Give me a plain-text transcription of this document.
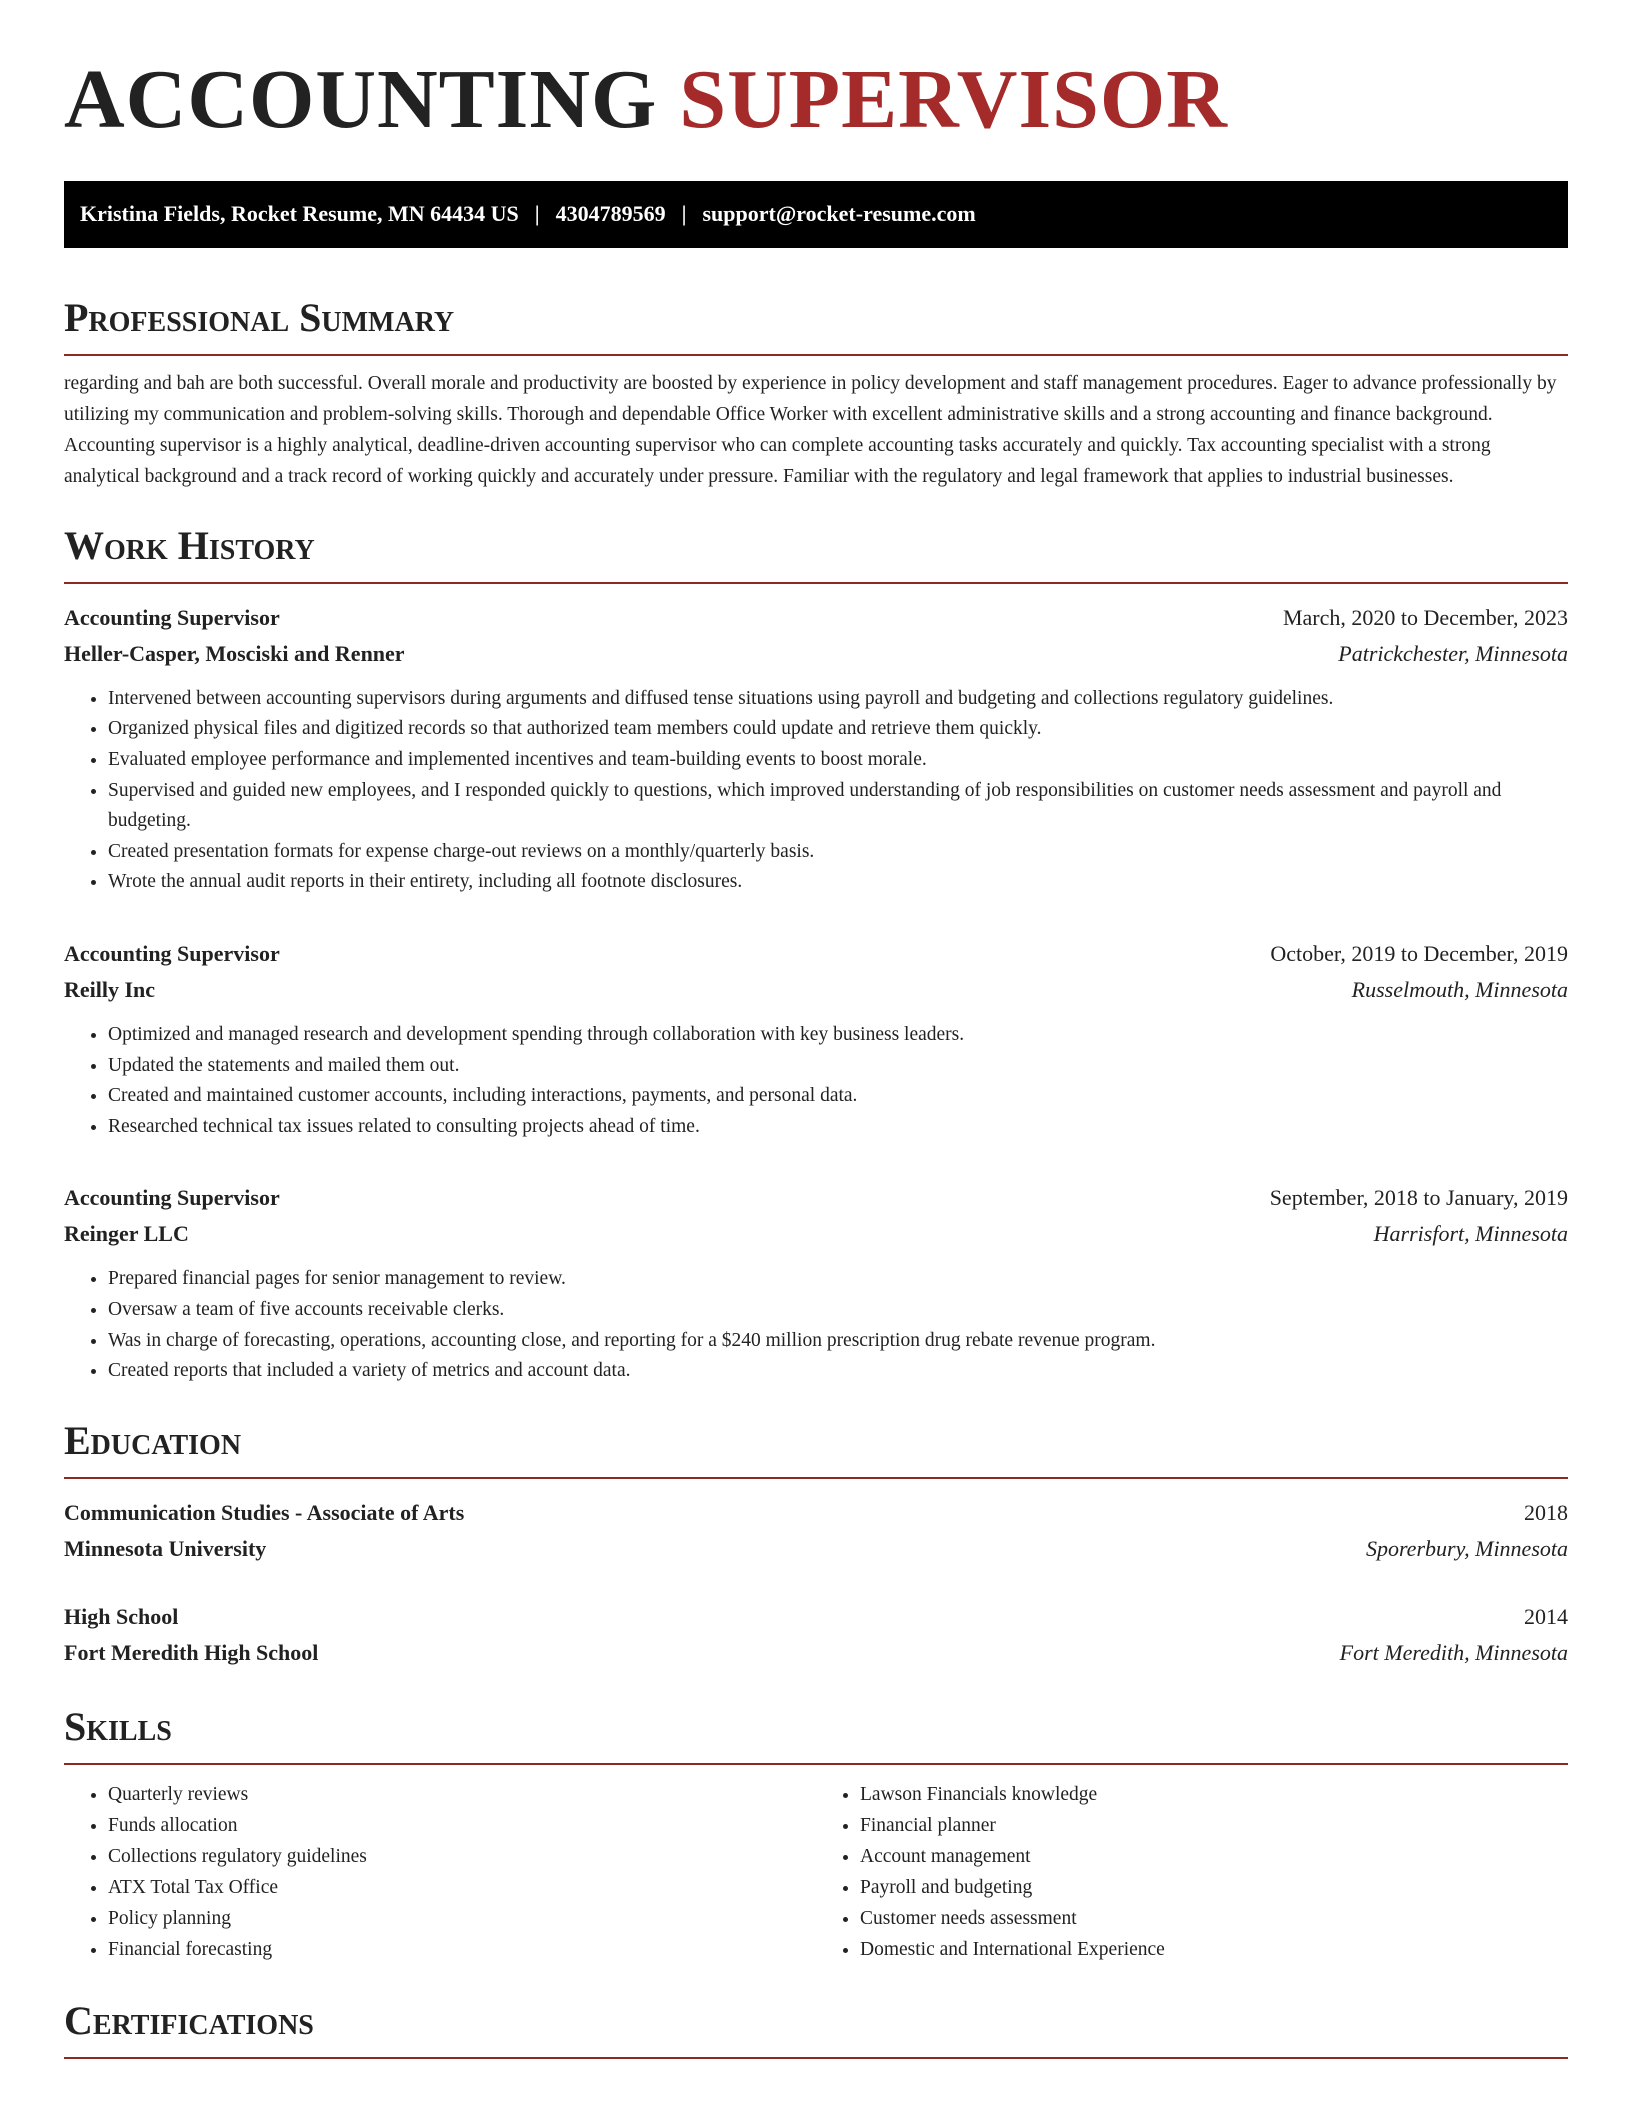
ACCOUNTING SUPERVISOR
Kristina Fields, Rocket Resume, MN 64434 US | 4304789569 | support@rocket-resume.com
Professional Summary

regarding and bah are both successful. Overall morale and productivity are boosted by experience in policy development and staff management procedures. Eager to advance professionally by utilizing my communication and problem-solving skills. Thorough and dependable Office Worker with excellent administrative skills and a strong accounting and finance background. Accounting supervisor is a highly analytical, deadline-driven accounting supervisor who can complete accounting tasks accurately and quickly. Tax accounting specialist with a strong analytical background and a track record of working quickly and accurately under pressure. Familiar with the regulatory and legal framework that applies to industrial businesses.

Work History
Accounting Supervisor	March, 2020 to December, 2023
Heller-Casper, Mosciski and Renner	Patrickchester, Minnesota
• Intervened between accounting supervisors during arguments and diffused tense situations using payroll and budgeting and collections regulatory guidelines.
• Organized physical files and digitized records so that authorized team members could update and retrieve them quickly.
• Evaluated employee performance and implemented incentives and team-building events to boost morale.
• Supervised and guided new employees, and I responded quickly to questions, which improved understanding of job responsibilities on customer needs assessment and payroll and budgeting.
• Created presentation formats for expense charge-out reviews on a monthly/quarterly basis.
• Wrote the annual audit reports in their entirety, including all footnote disclosures.
Accounting Supervisor	October, 2019 to December, 2019
Reilly Inc	Russelmouth, Minnesota
• Optimized and managed research and development spending through collaboration with key business leaders.
• Updated the statements and mailed them out.
• Created and maintained customer accounts, including interactions, payments, and personal data.
• Researched technical tax issues related to consulting projects ahead of time.
Accounting Supervisor	September, 2018 to January, 2019
Reinger LLC	Harrisfort, Minnesota
• Prepared financial pages for senior management to review.
• Oversaw a team of five accounts receivable clerks.
• Was in charge of forecasting, operations, accounting close, and reporting for a $240 million prescription drug rebate revenue program.
• Created reports that included a variety of metrics and account data.
Education
Communication Studies - Associate of Arts	2018
Minnesota University	Sporerbury, Minnesota
High School	2014
Fort Meredith High School	Fort Meredith, Minnesota
Skills
• Quarterly reviews
• Funds allocation
• Collections regulatory guidelines
• ATX Total Tax Office
• Policy planning
• Financial forecasting
• Lawson Financials knowledge
• Financial planner
• Account management
• Payroll and budgeting
• Customer needs assessment
• Domestic and International Experience
Certifications
